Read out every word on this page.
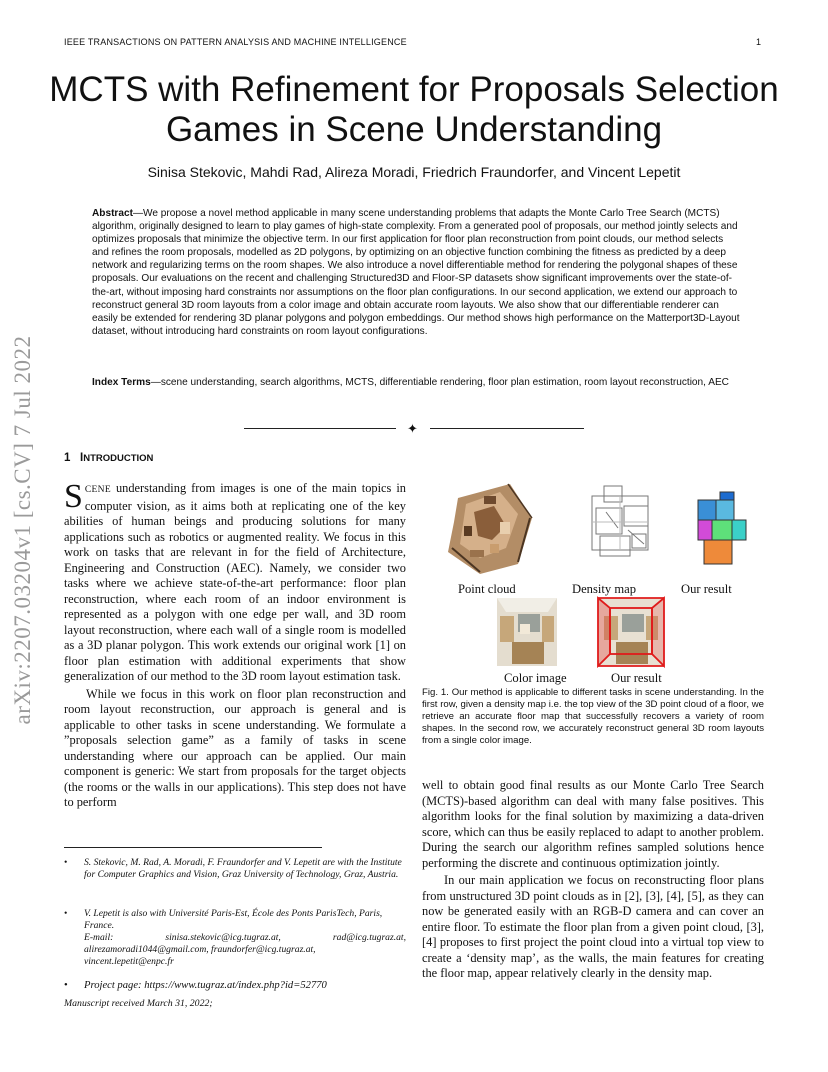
IEEE TRANSACTIONS ON PATTERN ANALYSIS AND MACHINE INTELLIGENCE	1
MCTS with Refinement for Proposals Selection Games in Scene Understanding
Sinisa Stekovic, Mahdi Rad, Alireza Moradi, Friedrich Fraundorfer, and Vincent Lepetit
Abstract—We propose a novel method applicable in many scene understanding problems that adapts the Monte Carlo Tree Search (MCTS) algorithm, originally designed to learn to play games of high-state complexity. From a generated pool of proposals, our method jointly selects and optimizes proposals that minimize the objective term. In our first application for floor plan reconstruction from point clouds, our method selects and refines the room proposals, modelled as 2D polygons, by optimizing on an objective function combining the fitness as predicted by a deep network and regularizing terms on the room shapes. We also introduce a novel differentiable method for rendering the polygonal shapes of these proposals. Our evaluations on the recent and challenging Structured3D and Floor-SP datasets show significant improvements over the state-of-the-art, without imposing hard constraints nor assumptions on the floor plan configurations. In our second application, we extend our approach to reconstruct general 3D room layouts from a color image and obtain accurate room layouts. We also show that our differentiable renderer can easily be extended for rendering 3D planar polygons and polygon embeddings. Our method shows high performance on the Matterport3D-Layout dataset, without introducing hard constraints on room layout configurations.
Index Terms—scene understanding, search algorithms, MCTS, differentiable rendering, floor plan estimation, room layout reconstruction, AEC
✦
arXiv:2207.03204v1 [cs.CV] 7 Jul 2022	1 INTRODUCTION

SCENE understanding from images is one of the main topics in computer vision, as it aims both at replicating one of the key abilities of human beings and producing solutions for many applications such as robotics or augmented reality. We focus in this work on tasks that are relevant in for the field of Architecture, Engineering and Construction (AEC). Namely, we consider two tasks where we achieve state-of-the-art performance: floor plan reconstruction, where each room of an indoor environment is represented as a polygon with one edge per wall, and 3D room layout reconstruction, where each wall of a single room is modelled as a 3D planar polygon. This work extends our original work [1] on floor plan estimation with additional experiments that show generalization of our method to the 3D room layout estimation task.

While we focus in this work on floor plan reconstruction and room layout reconstruction, our approach is general and is applicable to other tasks in scene understanding. We formulate a ”proposals selection game” as a family of tasks in scene understanding where our approach can be applied. Our main component is generic: We start from proposals for the target objects (the rooms or the walls in our applications). This step does not have to perform

• S. Stekovic, M. Rad, A. Moradi, F. Fraundorfer and V. Lepetit are with the Institute for Computer Graphics and Vision, Graz University of Technology, Graz, Austria.
• V. Lepetit is also with Université Paris-Est, École des Ponts ParisTech, Paris, France.
E-mail:	sinisa.stekovic@icg.tugraz.at,	rad@icg.tugraz.at,
alirezamoradi1044@gmail.com, fraundorfer@icg.tugraz.at,
vincent.lepetit@enpc.fr
• Project page: https://www.tugraz.at/index.php?id=52770
Manuscript received March 31, 2022;
Point cloud	Density map	Our result
Color image	Our result
Fig. 1. Our method is applicable to different tasks in scene understanding. In the first row, given a density map i.e. the top view of the 3D point cloud of a floor, we retrieve an accurate floor map that successfully recovers a variety of room shapes. In the second row, we accurately reconstruct general 3D room layouts from a single color image.

well to obtain good final results as our Monte Carlo Tree Search (MCTS)-based algorithm can deal with many false positives. This algorithm looks for the final solution by maximizing a data-driven score, which can thus be easily replaced to adapt to another problem. During the search our algorithm refines sampled solutions hence performing the discrete and continuous optimization jointly.

In our main application we focus on reconstructing floor plans from unstructured 3D point clouds as in [2], [3], [4], [5], as they can now be generated easily with an RGB-D camera and can cover an entire floor. To estimate the floor plan from a given point cloud, [3], [4] proposes to first project the point cloud into a virtual top view to create a ‘density map’, as the walls, the main features for creating the floor map, appear relatively clearly in the density map.
